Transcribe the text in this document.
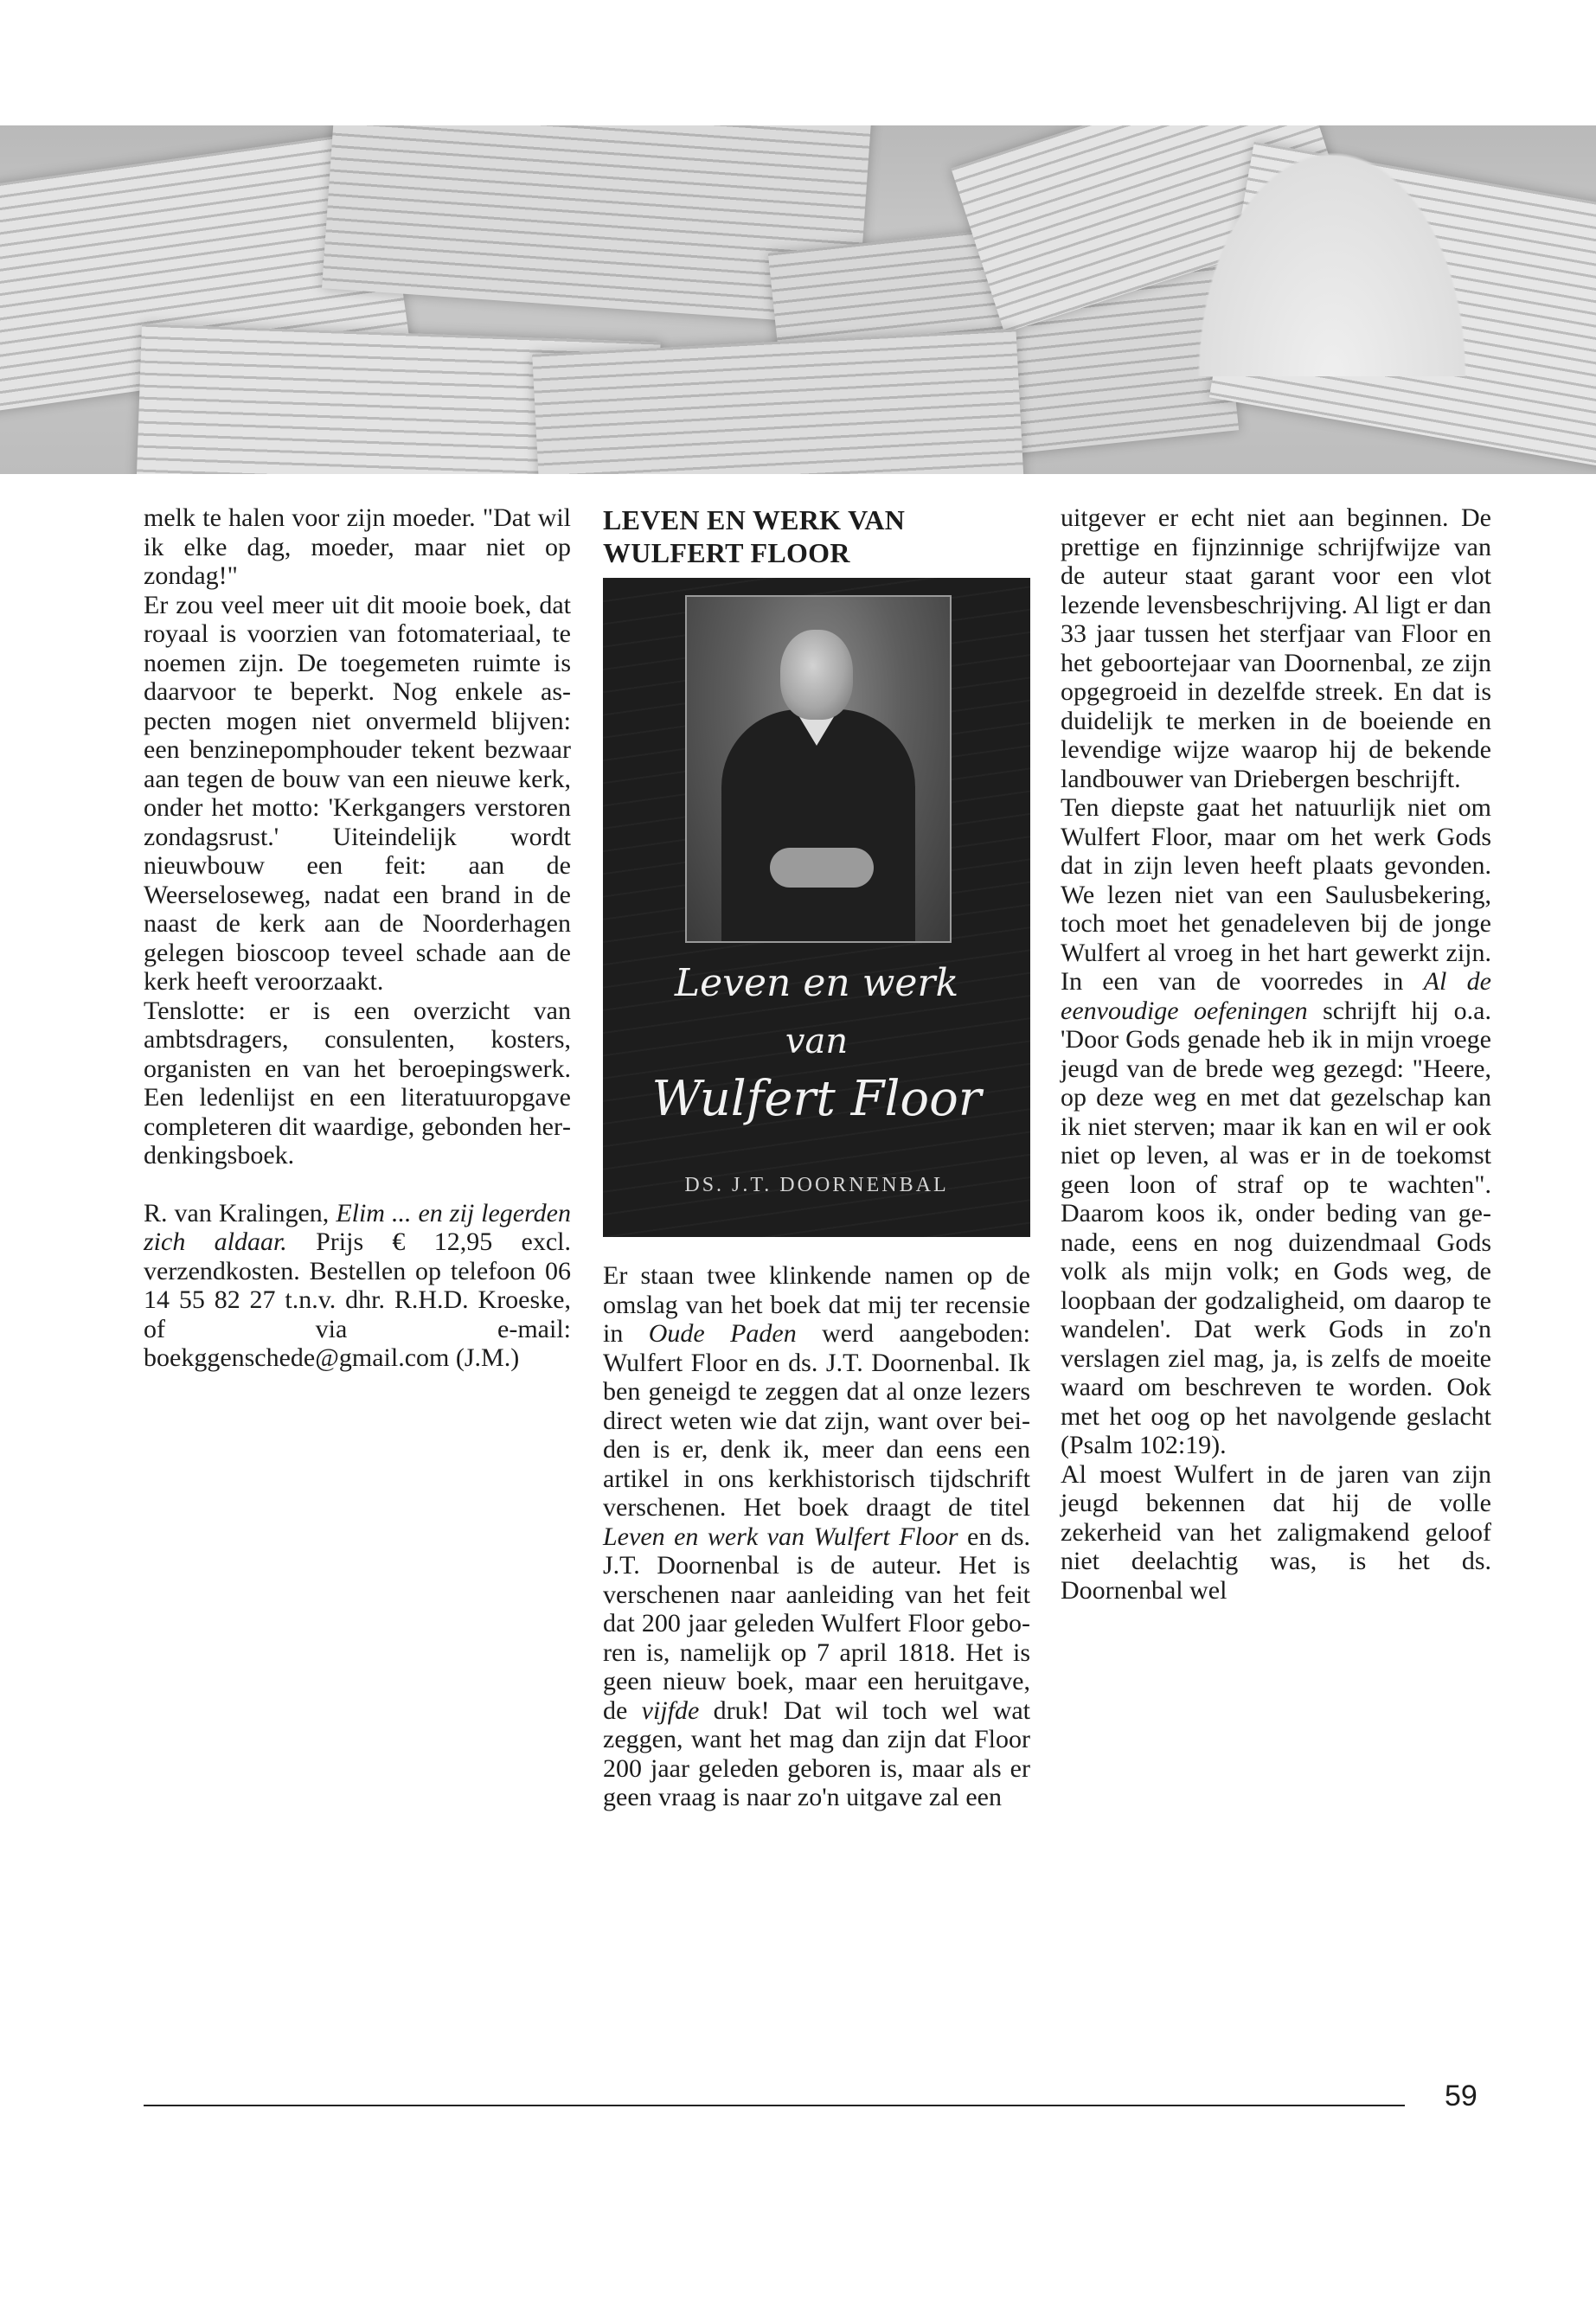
melk te halen voor zijn moeder. "Dat wil ik elke dag, moeder, maar niet op zondag!"

Er zou veel meer uit dit mooie boek, dat royaal is voorzien van fotomateriaal, te noemen zijn. De toegemeten ruimte is daarvoor te beperkt. Nog enkele aspecten mogen niet onvermeld blijven: een benzinepomphouder tekent bezwaar aan tegen de bouw van een nieuwe kerk, onder het motto: 'Kerkgangers verstoren zondagsrust.' Uiteindelijk wordt nieuwbouw een feit: aan de Weerseloseweg, nadat een brand in de naast de kerk aan de Noorderhagen gelegen bioscoop teveel schade aan de kerk heeft veroorzaakt.

Tenslotte: er is een overzicht van ambtsdragers, consulenten, kosters, organisten en van het beroepingswerk. Een ledenlijst en een literatuuropgave completeren dit waardige, gebonden herdenkingsboek.

R. van Kralingen, Elim ... en zij legerden zich aldaar. Prijs € 12,95 excl. verzendkosten. Bestellen op telefoon 06 14 55 82 27 t.n.v. dhr. R.H.D. Kroeske, of via e-mail: boekggenschede@gmail.com (J.M.)

LEVEN EN WERK VAN WULFERT FLOOR
Leven en werk
van
Wulfert Floor
DS. J.T. DOORNENBAL

Er staan twee klinkende namen op de omslag van het boek dat mij ter recensie in Oude Paden werd aangeboden: Wulfert Floor en ds. J.T. Doornenbal. Ik ben geneigd te zeggen dat al onze lezers direct weten wie dat zijn, want over beiden is er, denk ik, meer dan eens een artikel in ons kerkhistorisch tijdschrift verschenen. Het boek draagt de titel Leven en werk van Wulfert Floor en ds. J.T. Doornenbal is de auteur. Het is verschenen naar aanleiding van het feit dat 200 jaar geleden Wulfert Floor geboren is, namelijk op 7 april 1818. Het is geen nieuw boek, maar een heruitgave, de vijfde druk! Dat wil toch wel wat zeggen, want het mag dan zijn dat Floor 200 jaar geleden geboren is, maar als er geen vraag is naar zo'n uitgave zal een

uitgever er echt niet aan beginnen. De prettige en fijnzinnige schrijfwijze van de auteur staat garant voor een vlot lezende levensbeschrijving. Al ligt er dan 33 jaar tussen het sterfjaar van Floor en het geboortejaar van Doornenbal, ze zijn opgegroeid in dezelfde streek. En dat is duidelijk te merken in de boeiende en levendige wijze waarop hij de bekende landbouwer van Driebergen beschrijft.

Ten diepste gaat het natuurlijk niet om Wulfert Floor, maar om het werk Gods dat in zijn leven heeft plaats gevonden. We lezen niet van een Saulusbekering, toch moet het genadeleven bij de jonge Wulfert al vroeg in het hart gewerkt zijn. In een van de voorredes in Al de eenvoudige oefeningen schrijft hij o.a. 'Door Gods genade heb ik in mijn vroege jeugd van de brede weg gezegd: "Heere, op deze weg en met dat gezelschap kan ik niet sterven; maar ik kan en wil er ook niet op leven, al was er in de toekomst geen loon of straf op te wachten". Daarom koos ik, onder beding van genade, eens en nog duizendmaal Gods volk als mijn volk; en Gods weg, de loopbaan der godzaligheid, om daarop te wandelen'. Dat werk Gods in zo'n verslagen ziel mag, ja, is zelfs de moeite waard om beschreven te worden. Ook met het oog op het navolgende geslacht (Psalm 102:19).

Al moest Wulfert in de jaren van zijn jeugd bekennen dat hij de volle zekerheid van het zaligmakend geloof niet deelachtig was, is het ds. Doornenbal wel

59
